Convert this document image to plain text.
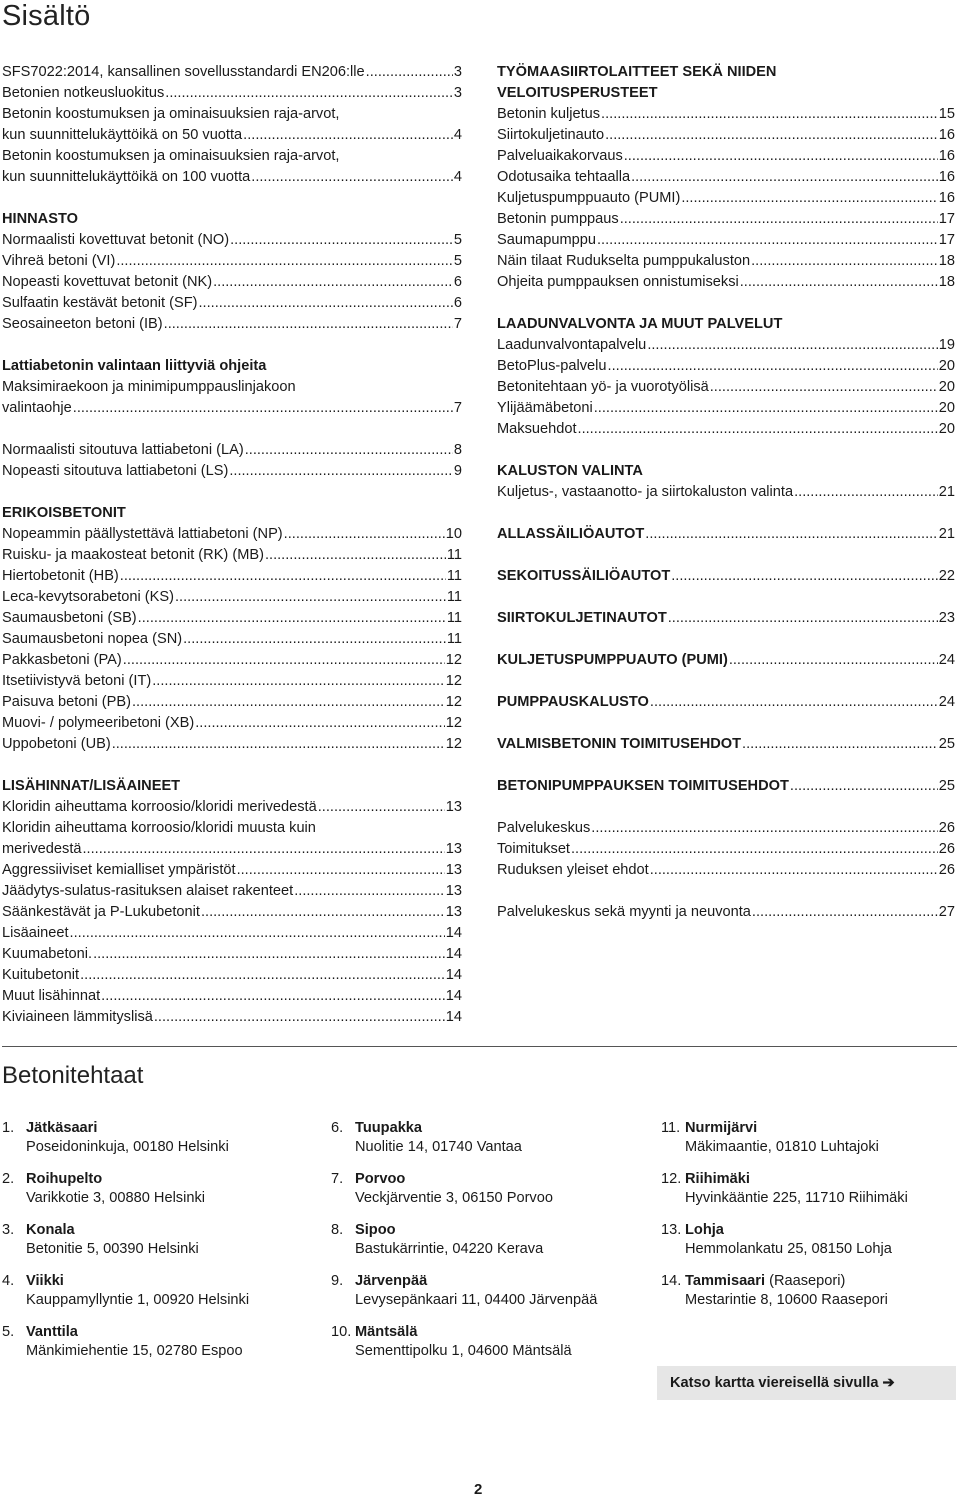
Sisältö
SFS7022:2014, kansallinen sovellusstandardi EN206:lle .....	3
Betonien notkeusluokitus .....	3
Betonin koostumuksen ja ominaisuuksien raja-arvot,
kun suunnittelukäyttöikä on 50 vuotta .....	4
Betonin koostumuksen ja ominaisuuksien raja-arvot,
kun suunnittelukäyttöikä on 100 vuotta .....	4
HINNASTO
Normaalisti kovettuvat betonit (NO) .....	5
Vihreä betoni (VI) .....	5
Nopeasti kovettuvat betonit (NK) .....	6
Sulfaatin kestävät betonit (SF) .....	6
Seosaineeton betoni (IB) .....	7
Lattiabetonin valintaan liittyviä ohjeita
Maksimiraekoon ja minimipumppauslinjakoon
valintaohje .....	7
Normaalisti sitoutuva lattiabetoni (LA) .....	8
Nopeasti sitoutuva lattiabetoni (LS) .....	9
ERIKOISBETONIT
Nopeammin päällystettävä lattiabetoni (NP) .....	10
Ruisku- ja maakosteat betonit (RK) (MB) .....	11
Hiertobetonit (HB) .....	11
Leca-kevytsorabetoni (KS) .....	11
Saumausbetoni (SB) .....	11
Saumausbetoni nopea (SN) .....	11
Pakkasbetoni (PA) .....	12
Itsetiivistyvä betoni (IT) .....	12
Paisuva betoni (PB) .....	12
Muovi- / polymeeribetoni (XB) .....	12
Uppobetoni (UB) .....	12
LISÄHINNAT/LISÄAINEET
Kloridin aiheuttama korroosio/kloridi merivedestä .....	13
Kloridin aiheuttama korroosio/kloridi muusta kuin
merivedestä .....	13
Aggressiiviset kemialliset ympäristöt .....	13
Jäädytys-sulatus-rasituksen alaiset rakenteet .....	13
Säänkestävät ja P-Lukubetonit .....	13
Lisäaineet .....	14
Kuumabetoni. .....	14
Kuitubetonit .....	14
Muut lisähinnat .....	14
Kiviaineen lämmityslisä .....	14
TYÖMAASIIRTOLAITTEET SEKÄ NIIDEN
VELOITUSPERUSTEET
Betonin kuljetus .....	15
Siirtokuljetinauto .....	16
Palveluaikakorvaus .....	16
Odotusaika tehtaalla .....	16
Kuljetuspumppuauto (PUMI) .....	16
Betonin pumppaus .....	17
Saumapumppu .....	17
Näin tilaat Rudukselta pumppukaluston .....	18
Ohjeita pumppauksen onnistumiseksi .....	18
LAADUNVALVONTA JA MUUT PALVELUT
Laadunvalvontapalvelu .....	19
BetoPlus-palvelu .....	20
Betonitehtaan yö- ja vuorotyölisä .....	20
Ylijäämäbetoni .....	20
Maksuehdot .....	20
KALUSTON VALINTA
Kuljetus-, vastaanotto- ja siirtokaluston valinta .....	21
ALLASSÄILIÖAUTOT .....	21
SEKOITUSSÄILIÖAUTOT .....	22
SIIRTOKULJETINAUTOT .....	23
KULJETUSPUMPPUAUTO (PUMI) .....	24
PUMPPAUSKALUSTO .....	24
VALMISBETONIN TOIMITUSEHDOT .....	25
BETONIPUMPPAUKSEN TOIMITUSEHDOT .....	25
Palvelukeskus .....	26
Toimitukset .....	26
Ruduksen yleiset ehdot .....	26
Palvelukeskus sekä myynti ja neuvonta .....	27
Betonitehtaat
1. Jätkäsaari
Poseidoninkuja, 00180 Helsinki
2. Roihupelto
Varikkotie 3, 00880 Helsinki
3. Konala
Betonitie 5, 00390 Helsinki
4. Viikki
Kauppamyllyntie 1, 00920 Helsinki
5. Vanttila
Mänkimiehentie 15, 02780 Espoo
6. Tuupakka
Nuolitie 14, 01740 Vantaa
7. Porvoo
Veckjärventie 3, 06150 Porvoo
8. Sipoo
Bastukärrintie, 04220 Kerava
9. Järvenpää
Levysepänkaari 11, 04400 Järvenpää
10. Mäntsälä
Sementtipolku 1, 04600 Mäntsälä
11. Nurmijärvi
Mäkimaantie, 01810 Luhtajoki
12. Riihimäki
Hyvinkääntie 225, 11710 Riihimäki
13. Lohja
Hemmolankatu 25, 08150 Lohja
14. Tammisaari (Raasepori)
Mestarintie 8, 10600 Raasepori
Katso kartta viereisellä sivulla ➔
2
